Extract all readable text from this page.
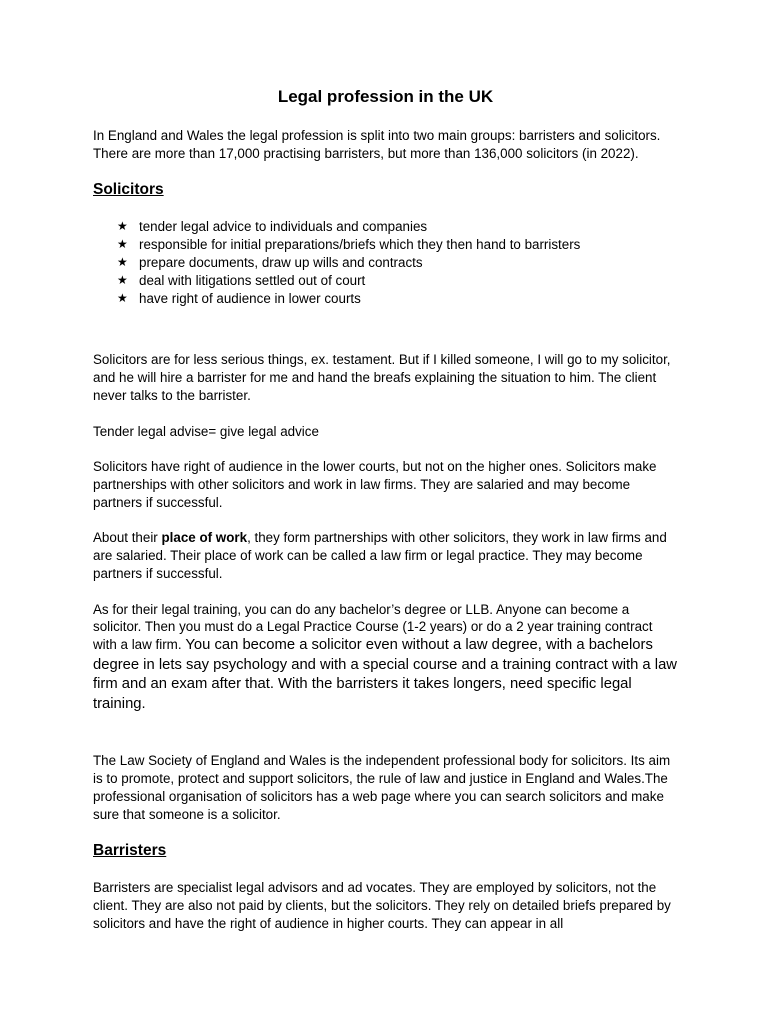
Legal profession in the UK

In England and Wales the legal profession is split into two main groups: barristers and solicitors. There are more than 17,000 practising barristers, but more than 136,000 solicitors (in 2022).

Solicitors
★ tender legal advice to individuals and companies
★ responsible for initial preparations/briefs which they then hand to barristers
★ prepare documents, draw up wills and contracts
★ deal with litigations settled out of court
★ have right of audience in lower courts

Solicitors are for less serious things, ex. testament. But if I killed someone, I will go to my solicitor, and he will hire a barrister for me and hand the breafs explaining the situation to him. The client never talks to the barrister.

Tender legal advise= give legal advice

Solicitors have right of audience in the lower courts, but not on the higher ones. Solicitors make partnerships with other solicitors and work in law firms. They are salaried and may become partners if successful.

About their place of work, they form partnerships with other solicitors, they work in law firms and are salaried. Their place of work can be called a law firm or legal practice. They may become partners if successful.

As for their legal training, you can do any bachelor’s degree or LLB. Anyone can become a solicitor. Then you must do a Legal Practice Course (1-2 years) or do a 2 year training contract with a law firm. You can become a solicitor even without a law degree, with a bachelors degree in lets say psychology and with a special course and a training contract with a law firm and an exam after that. With the barristers it takes longers, need specific legal training.

The Law Society of England and Wales is the independent professional body for solicitors. Its aim is to promote, protect and support solicitors, the rule of law and justice in England and Wales.The professional organisation of solicitors has a web page where you can search solicitors and make sure that someone is a solicitor.

Barristers

Barristers are specialist legal advisors and ad vocates. They are employed by solicitors, not the client. They are also not paid by clients, but the solicitors. They rely on detailed briefs prepared by solicitors and have the right of audience in higher courts. They can appear in all
